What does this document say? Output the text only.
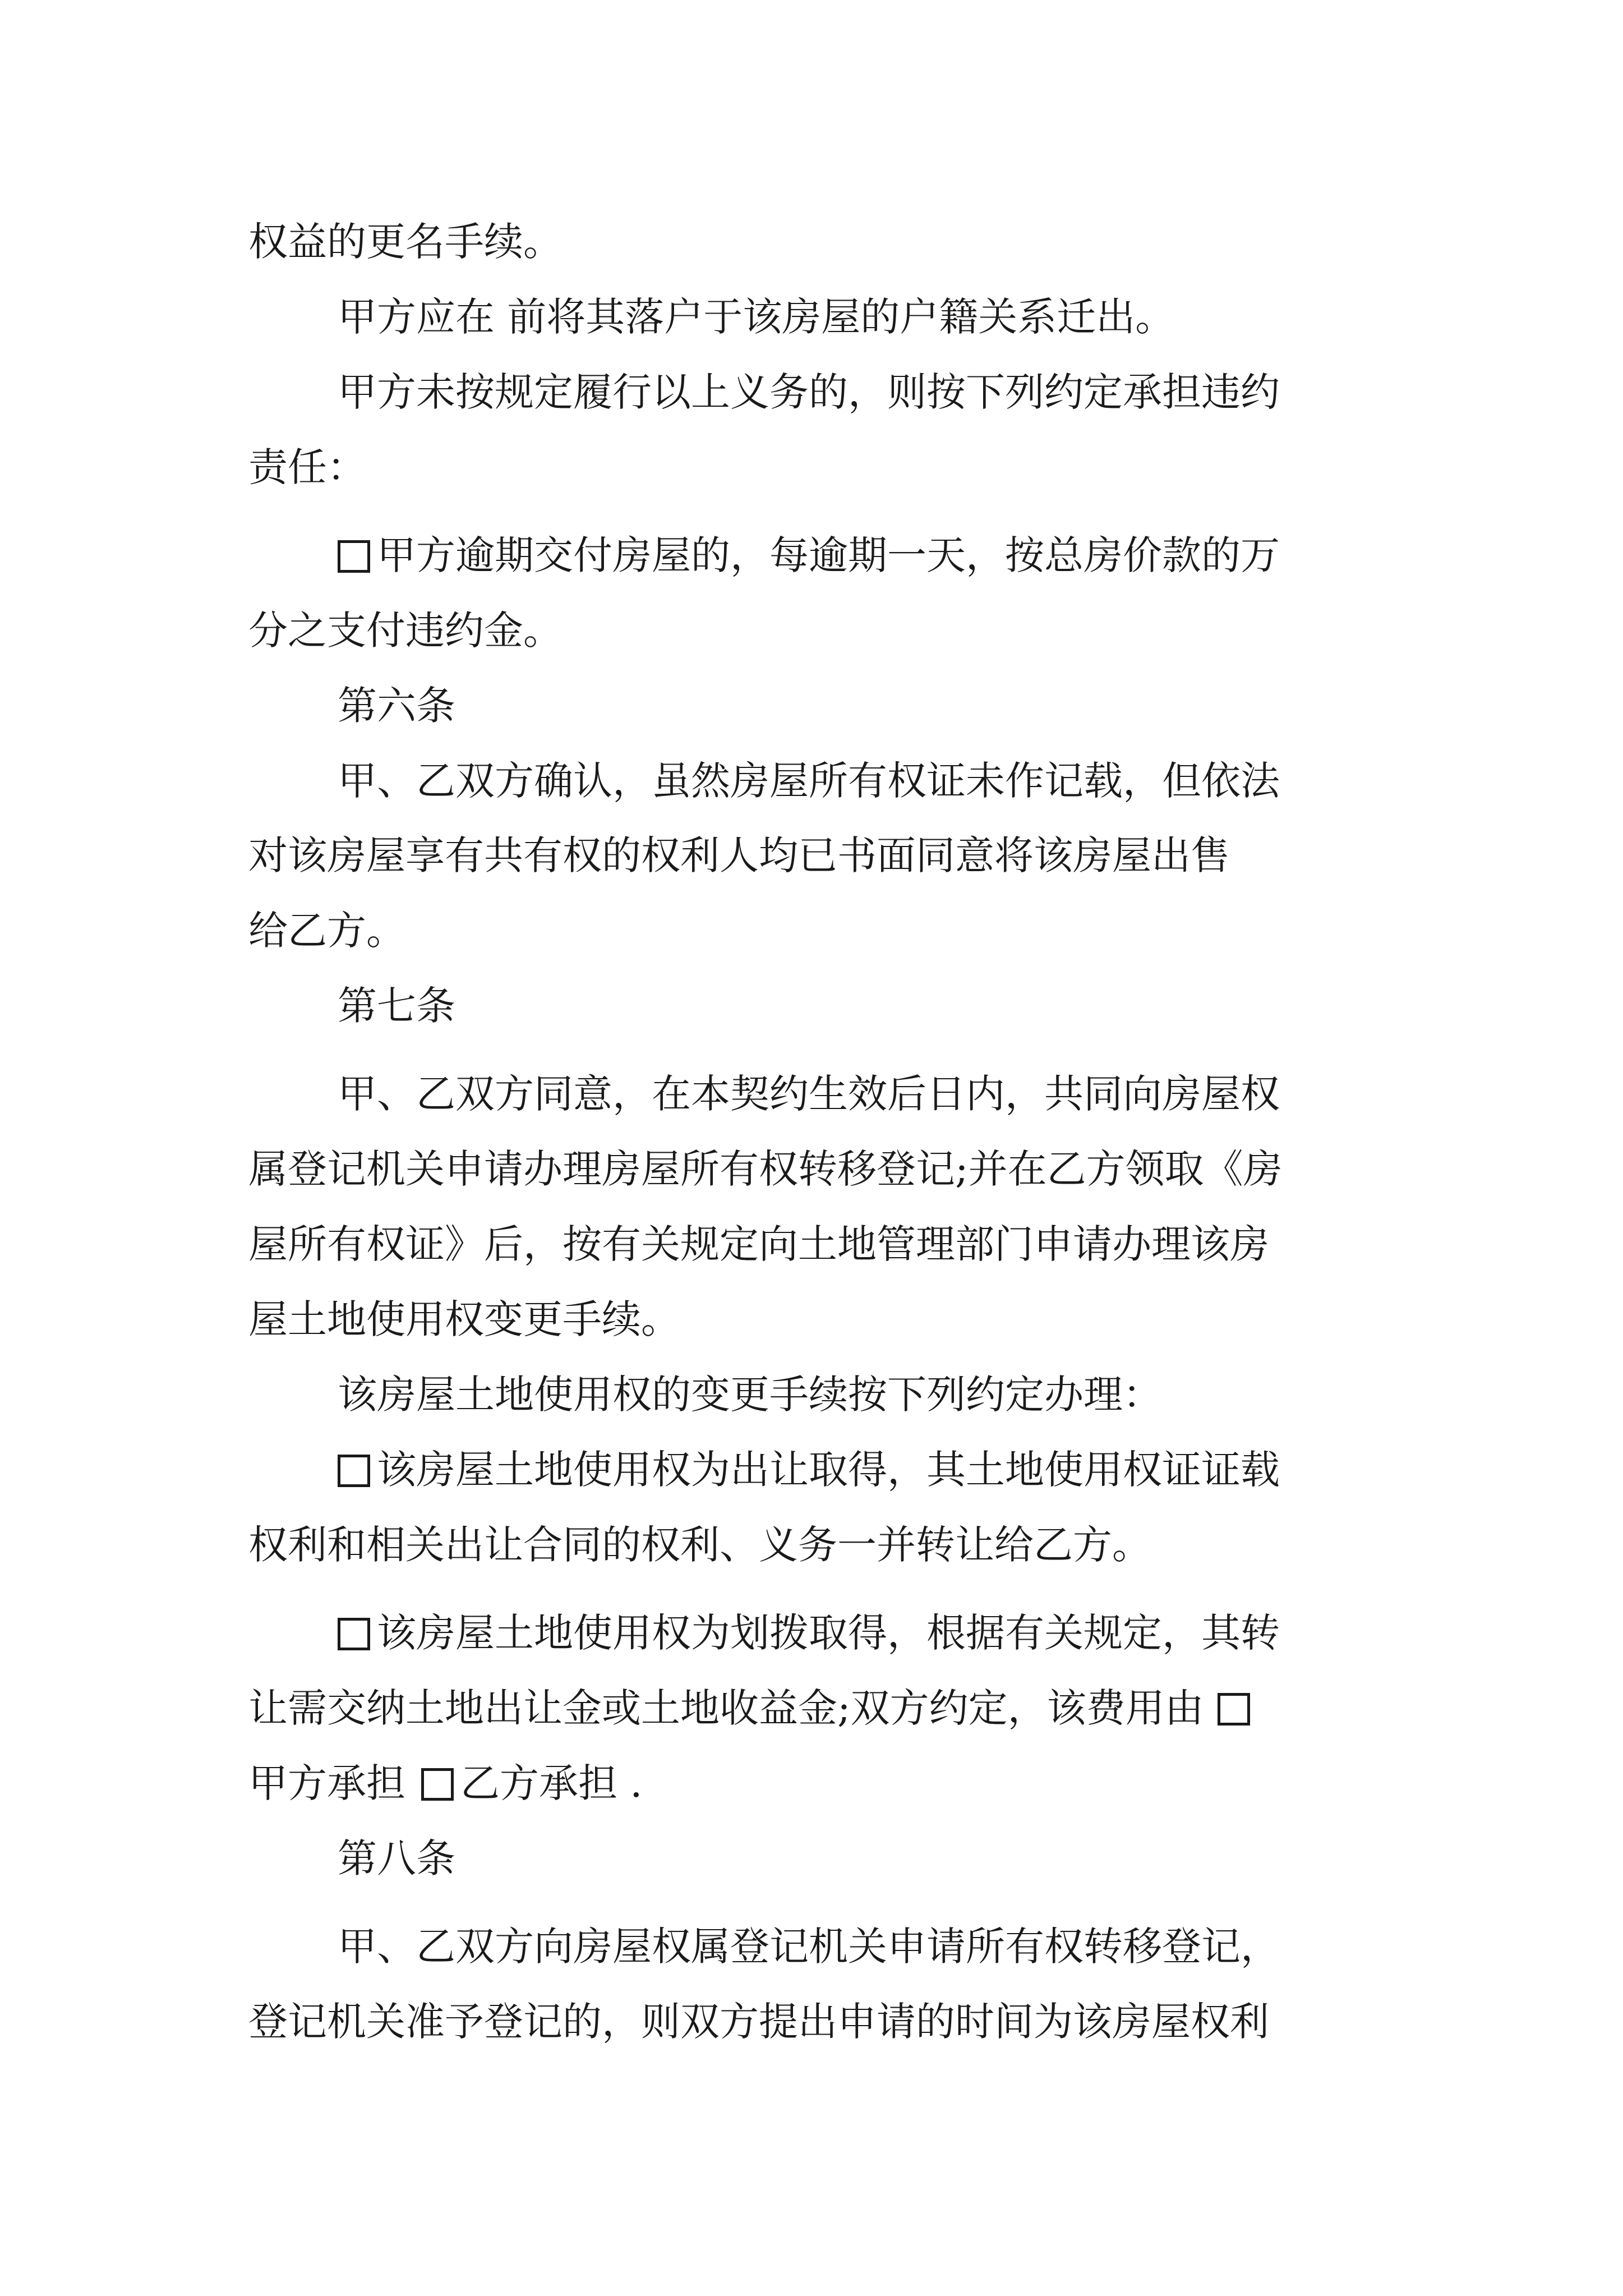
权益的更名手续。
甲方应在 前将其落户于该房屋的户籍关系迁出。
甲方未按规定履行以上义务的，则按下列约定承担违约
责任：
甲方逾期交付房屋的，每逾期一天，按总房价款的万
分之支付违约金。
第六条
甲、乙双方确认，虽然房屋所有权证未作记载，但依法
对该房屋享有共有权的权利人均已书面同意将该房屋出售
给乙方。
第七条
甲、乙双方同意，在本契约生效后日内，共同向房屋权
属登记机关申请办理房屋所有权转移登记;并在乙方领取《房
屋所有权证》后，按有关规定向土地管理部门申请办理该房
屋土地使用权变更手续。
该房屋土地使用权的变更手续按下列约定办理：
该房屋土地使用权为出让取得，其土地使用权证证载
权利和相关出让合同的权利、义务一并转让给乙方。
该房屋土地使用权为划拨取得，根据有关规定，其转
让需交纳土地出让金或土地收益金;双方约定，该费用由
甲方承担 乙方承担 .
第八条
甲、乙双方向房屋权属登记机关申请所有权转移登记，
登记机关准予登记的，则双方提出申请的时间为该房屋权利
